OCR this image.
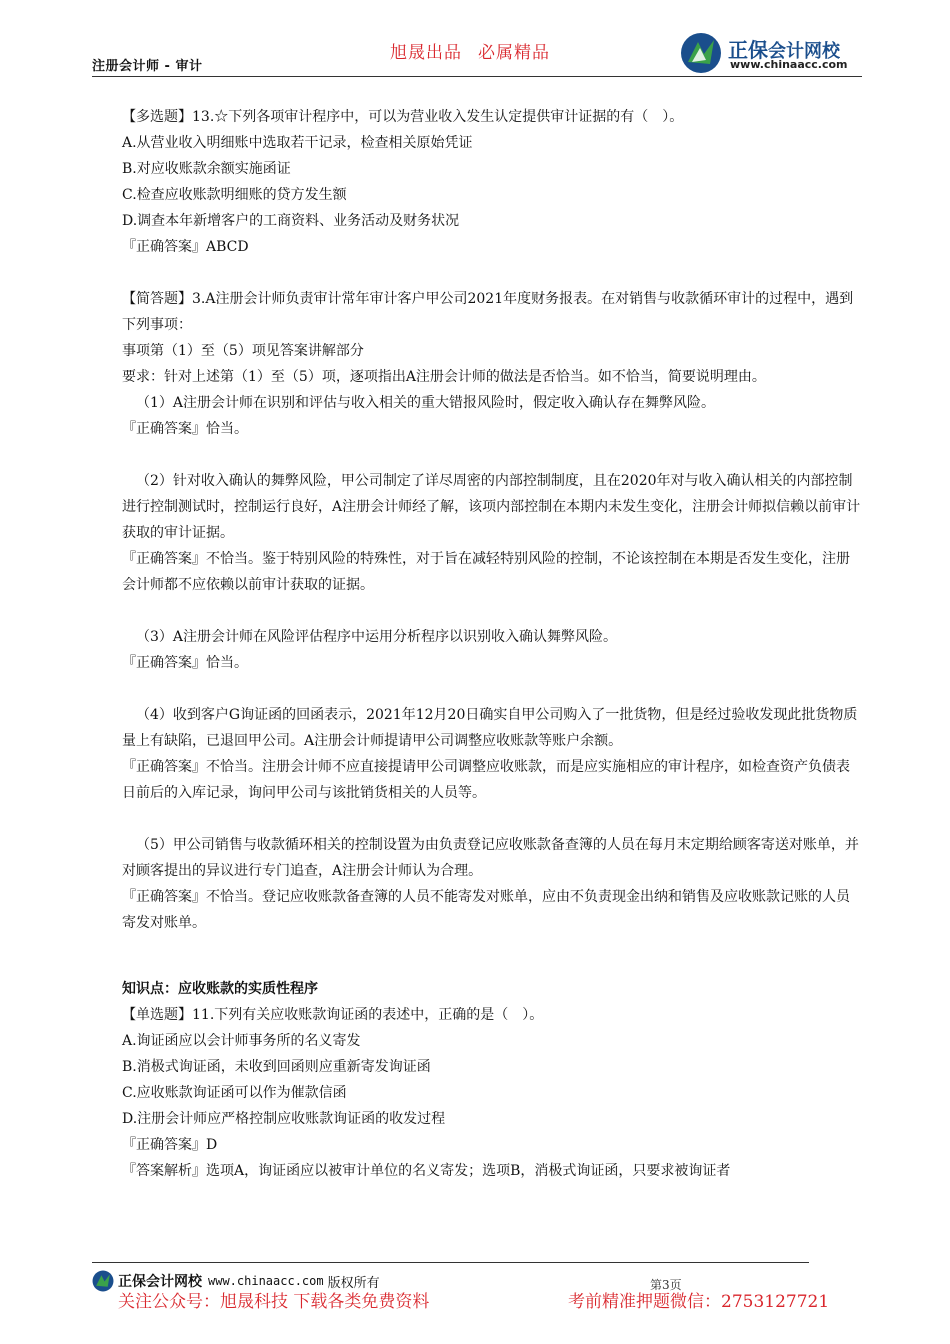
注册会计师 - 审计
旭晟出品 必属精品	正保会计网校
www.chinaacc.com

【多选题】13.☆下列各项审计程序中，可以为营业收入发生认定提供审计证据的有（　）。

A.从营业收入明细账中选取若干记录，检查相关原始凭证

B.对应收账款余额实施函证

C.检查应收账款明细账的贷方发生额

D.调查本年新增客户的工商资料、业务活动及财务状况

『正确答案』ABCD

【简答题】3.A注册会计师负责审计常年审计客户甲公司2021年度财务报表。在对销售与收款循环审计的过程中，遇到下列事项：

事项第（1）至（5）项见答案讲解部分

要求：针对上述第（1）至（5）项，逐项指出A注册会计师的做法是否恰当。如不恰当，简要说明理由。

（1）A注册会计师在识别和评估与收入相关的重大错报风险时，假定收入确认存在舞弊风险。

『正确答案』恰当。

（2）针对收入确认的舞弊风险，甲公司制定了详尽周密的内部控制制度，且在2020年对与收入确认相关的内部控制进行控制测试时，控制运行良好，A注册会计师经了解，该项内部控制在本期内未发生变化，注册会计师拟信赖以前审计获取的审计证据。

『正确答案』不恰当。鉴于特别风险的特殊性，对于旨在减轻特别风险的控制，不论该控制在本期是否发生变化，注册会计师都不应依赖以前审计获取的证据。

（3）A注册会计师在风险评估程序中运用分析程序以识别收入确认舞弊风险。

『正确答案』恰当。

（4）收到客户G询证函的回函表示，2021年12月20日确实自甲公司购入了一批货物，但是经过验收发现此批货物质量上有缺陷，已退回甲公司。A注册会计师提请甲公司调整应收账款等账户余额。

『正确答案』不恰当。注册会计师不应直接提请甲公司调整应收账款，而是应实施相应的审计程序，如检查资产负债表日前后的入库记录，询问甲公司与该批销货相关的人员等。

（5）甲公司销售与收款循环相关的控制设置为由负责登记应收账款备查簿的人员在每月末定期给顾客寄送对账单，并对顾客提出的异议进行专门追查，A注册会计师认为合理。

『正确答案』不恰当。登记应收账款备查簿的人员不能寄发对账单，应由不负责现金出纳和销售及应收账款记账的人员寄发对账单。

知识点：应收账款的实质性程序

【单选题】11.下列有关应收账款询证函的表述中，正确的是（　）。

A.询证函应以会计师事务所的名义寄发

B.消极式询证函，未收到回函则应重新寄发询证函

C.应收账款询证函可以作为催款信函

D.注册会计师应严格控制应收账款询证函的收发过程

『正确答案』D

『答案解析』选项A，询证函应以被审计单位的名义寄发；选项B，消极式询证函，只要求被询证者

正保会计网校 www.chinaacc.com 版权所有	第3页
关注公众号：旭晟科技 下载各类免费资料	考前精准押题微信：2753127721
